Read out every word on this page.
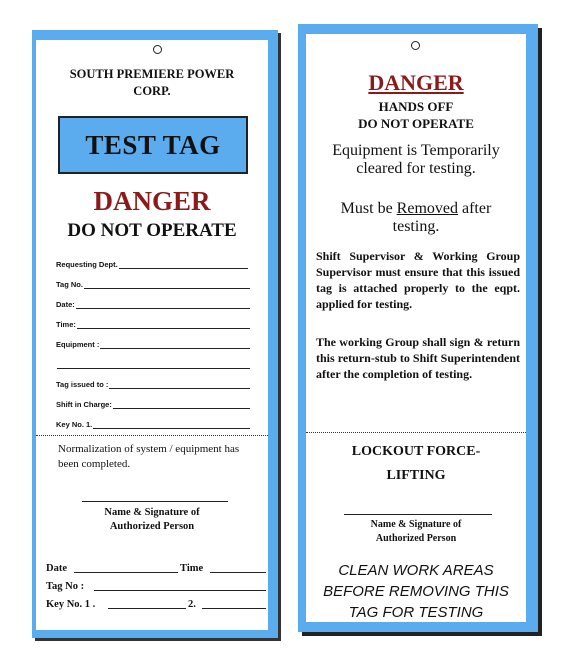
SOUTH PREMIERE POWER
CORP.
TEST TAG
DANGER
DO NOT OPERATE
Requesting Dept.
Tag No.
Date:
Time:
Equipment :
Tag issued to :
Shift in Charge:
Key No. 1.
Normalization of system / equipment has been completed.
Name & Signature of
Authorized Person
Date	Time
Tag No :
Key No. 1 .	2.
DANGER
HANDS OFF
DO NOT OPERATE
Equipment is Temporarily
cleared for testing.
Must be Removed after
testing.
Shift Supervisor & Working Group Supervisor must ensure that this issued tag is attached properly to the eqpt. applied for testing.
The working Group shall sign & return this return-stub to Shift Superintendent after the completion of testing.
LOCKOUT FORCE-
LIFTING
Name & Signature of
Authorized Person
CLEAN WORK AREAS
BEFORE REMOVING THIS
TAG FOR TESTING
